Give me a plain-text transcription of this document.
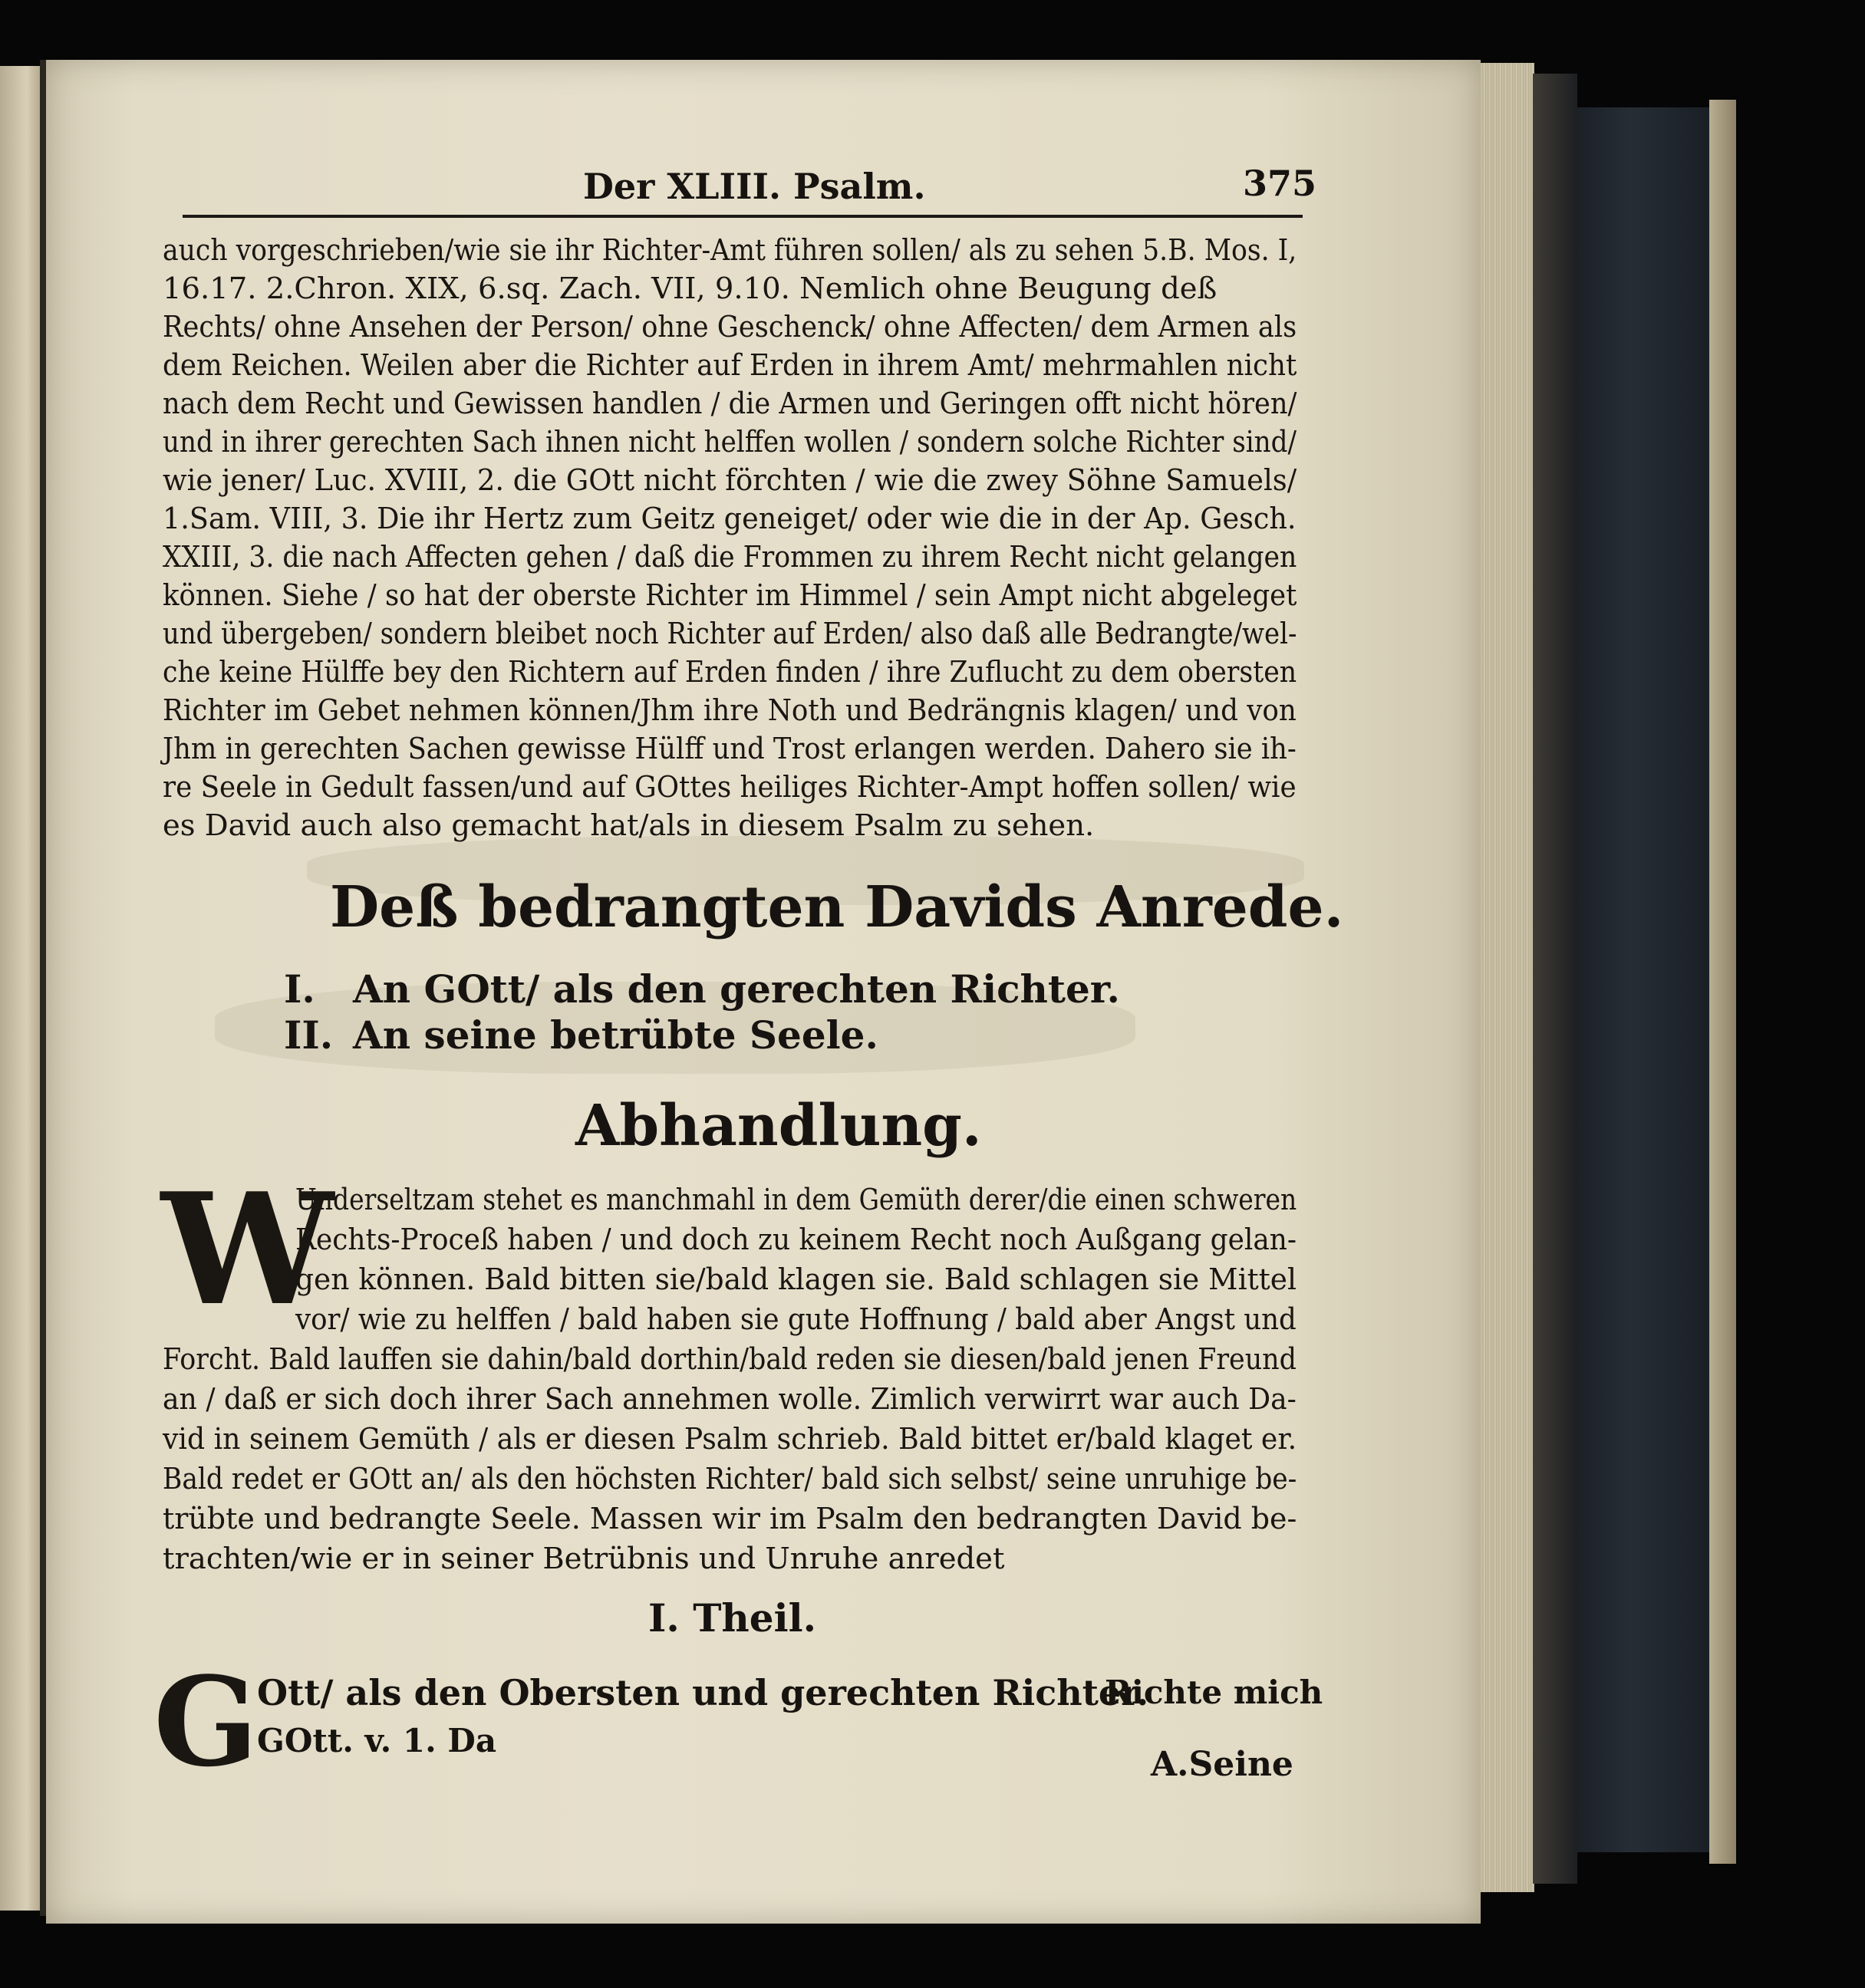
Der XLIII. Psalm.	375
auch vorgeschrieben/wie sie ihr Richter-Amt führen sollen/ als zu sehen 5.B. Mos. I,
16.17. 2.Chron. XIX, 6.sq. Zach. VII, 9.10. Nemlich ohne Beugung deß
Rechts/ ohne Ansehen der Person/ ohne Geschenck/ ohne Affecten/ dem Armen als
dem Reichen. Weilen aber die Richter auf Erden in ihrem Amt/ mehrmahlen nicht
nach dem Recht und Gewissen handlen / die Armen und Geringen offt nicht hören/
und in ihrer gerechten Sach ihnen nicht helffen wollen / sondern solche Richter sind/
wie jener/ Luc. XVIII, 2. die GOtt nicht förchten / wie die zwey Söhne Samuels/
1.Sam. VIII, 3. Die ihr Hertz zum Geitz geneiget/ oder wie die in der Ap. Gesch.
XXIII, 3. die nach Affecten gehen / daß die Frommen zu ihrem Recht nicht gelangen
können. Siehe / so hat der oberste Richter im Himmel / sein Ampt nicht abgeleget
und übergeben/ sondern bleibet noch Richter auf Erden/ also daß alle Bedrangte/wel-
che keine Hülffe bey den Richtern auf Erden finden / ihre Zuflucht zu dem obersten
Richter im Gebet nehmen können/Jhm ihre Noth und Bedrängnis klagen/ und von
Jhm in gerechten Sachen gewisse Hülff und Trost erlangen werden. Dahero sie ih-
re Seele in Gedult fassen/und auf GOttes heiliges Richter-Ampt hoffen sollen/ wie
es David auch also gemacht hat/als in diesem Psalm zu sehen.
Deß bedrangten Davids Anrede.
I. An GOtt/ als den gerechten Richter.
II. An seine betrübte Seele.
Abhandlung.
W
Underseltzam stehet es manchmahl in dem Gemüth derer/die einen schweren
Rechts-Proceß haben / und doch zu keinem Recht noch Außgang gelan-
gen können. Bald bitten sie/bald klagen sie. Bald schlagen sie Mittel
vor/ wie zu helffen / bald haben sie gute Hoffnung / bald aber Angst und
Forcht. Bald lauffen sie dahin/bald dorthin/bald reden sie diesen/bald jenen Freund
an / daß er sich doch ihrer Sach annehmen wolle. Zimlich verwirrt war auch Da-
vid in seinem Gemüth / als er diesen Psalm schrieb. Bald bittet er/bald klaget er.
Bald redet er GOtt an/ als den höchsten Richter/ bald sich selbst/ seine unruhige be-
trübte und bedrangte Seele. Massen wir im Psalm den bedrangten David be-
trachten/wie er in seiner Betrübnis und Unruhe anredet
I. Theil.
G
Ott/ als den Obersten und gerechten Richter.
Richte mich
GOtt. v. 1. Da
A.Seine
